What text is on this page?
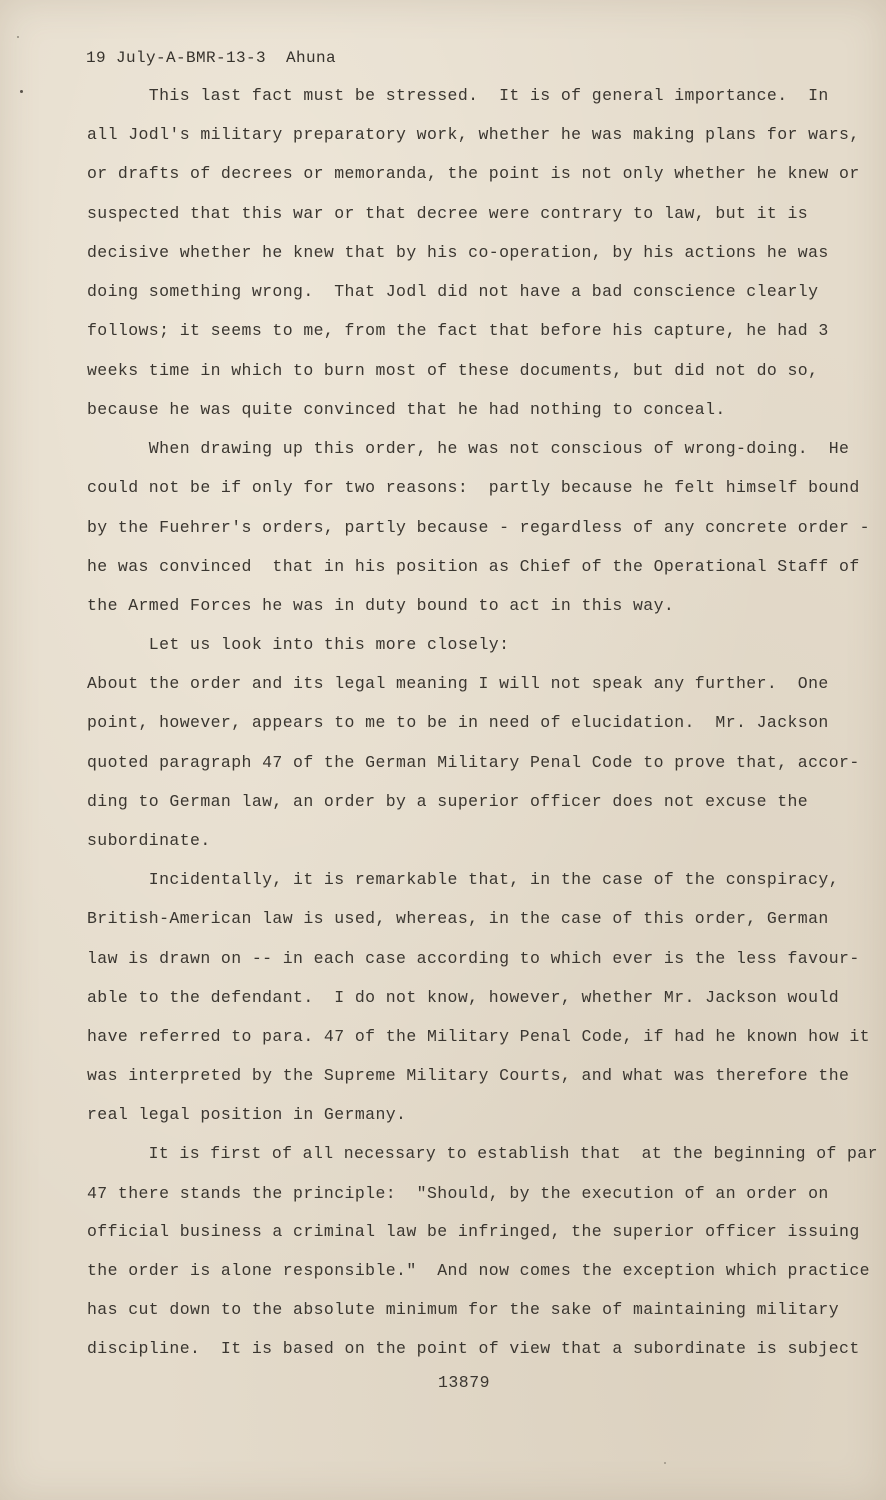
19 July-A-BMR-13-3  Ahuna
This last fact must be stressed.  It is of general importance.  In
all Jodl's military preparatory work, whether he was making plans for wars,
or drafts of decrees or memoranda, the point is not only whether he knew or
suspected that this war or that decree were contrary to law, but it is
decisive whether he knew that by his co-operation, by his actions he was
doing something wrong.  That Jodl did not have a bad conscience clearly
follows; it seems to me, from the fact that before his capture, he had 3
weeks time in which to burn most of these documents, but did not do so,
because he was quite convinced that he had nothing to conceal.
When drawing up this order, he was not conscious of wrong-doing.  He
could not be if only for two reasons:  partly because he felt himself bound
by the Fuehrer's orders, partly because - regardless of any concrete order -
he was convinced  that in his position as Chief of the Operational Staff of
the Armed Forces he was in duty bound to act in this way.
Let us look into this more closely:
About the order and its legal meaning I will not speak any further.  One
point, however, appears to me to be in need of elucidation.  Mr. Jackson
quoted paragraph 47 of the German Military Penal Code to prove that, accor-
ding to German law, an order by a superior officer does not excuse the
subordinate.
Incidentally, it is remarkable that, in the case of the conspiracy,
British-American law is used, whereas, in the case of this order, German
law is drawn on -- in each case according to which ever is the less favour-
able to the defendant.  I do not know, however, whether Mr. Jackson would
have referred to para. 47 of the Military Penal Code, if had he known how it
was interpreted by the Supreme Military Courts, and what was therefore the
real legal position in Germany.
It is first of all necessary to establish that  at the beginning of par
47 there stands the principle:  "Should, by the execution of an order on
official business a criminal law be infringed, the superior officer issuing
the order is alone responsible."  And now comes the exception which practice
has cut down to the absolute minimum for the sake of maintaining military
discipline.  It is based on the point of view that a subordinate is subject
13879
